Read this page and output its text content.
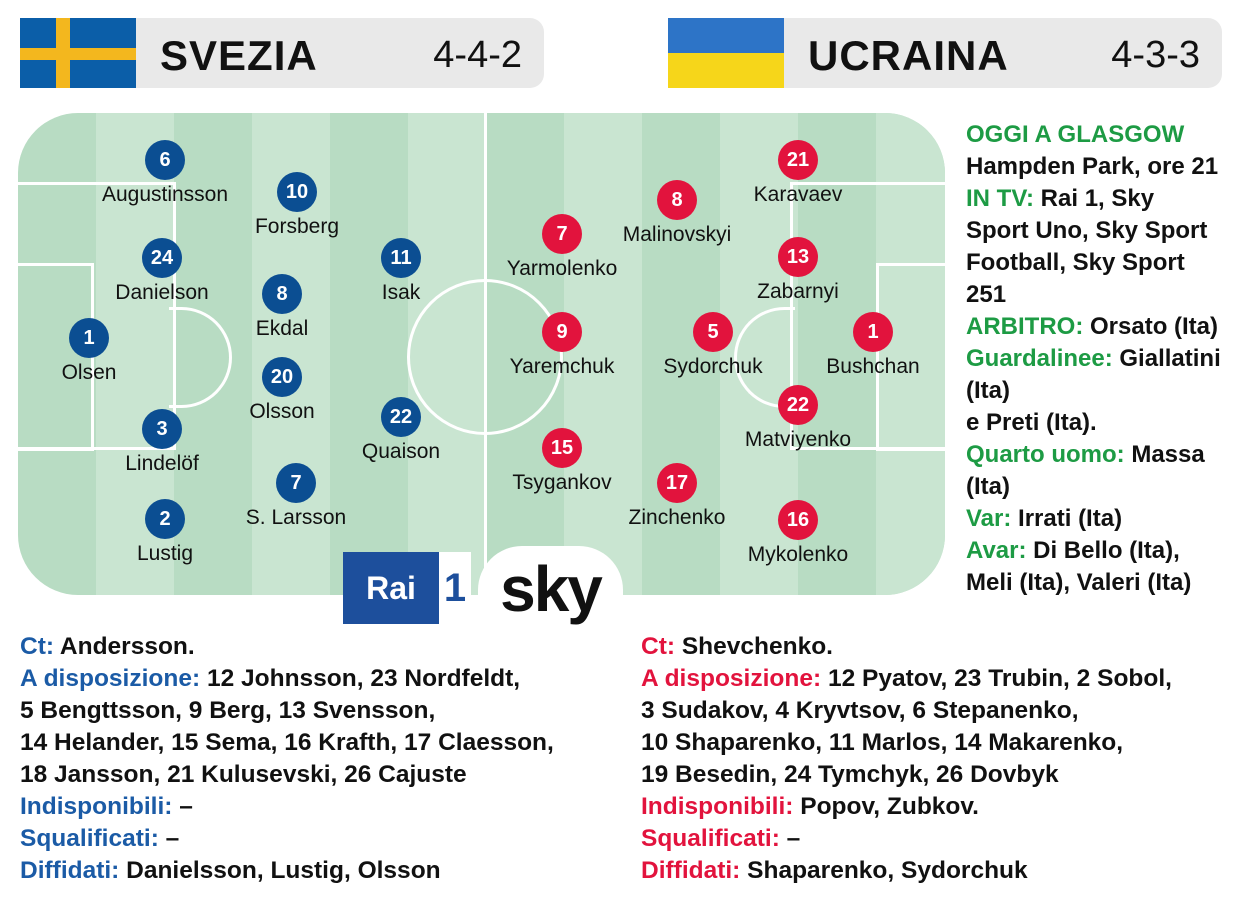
SVEZIA	4-4-2	UCRAINA	4-3-3
1
Olsen
6
Augustinsson
24
Danielson
3
Lindelöf
2
Lustig
10
Forsberg
8
Ekdal
20
Olsson
7
S. Larsson
11
Isak
22
Quaison
7
Yarmolenko
9
Yaremchuk
15
Tsygankov
8
Malinovskyi
5
Sydorchuk
17
Zinchenko
21
Karavaev
13
Zabarnyi
22
Matviyenko
16
Mykolenko
1
Bushchan
Rai 1 sky
OGGI A GLASGOW
Hampden Park, ore 21
IN TV: Rai 1, Sky
Sport Uno, Sky Sport
Football, Sky Sport
251
ARBITRO: Orsato (Ita)
Guardalinee: Giallatini
(Ita)
e Preti (Ita).
Quarto uomo: Massa
(Ita)
Var: Irrati (Ita)
Avar: Di Bello (Ita),
Meli (Ita), Valeri (Ita)
Ct: Andersson.
A disposizione: 12 Johnsson, 23 Nordfeldt,
5 Bengttsson, 9 Berg, 13 Svensson,
14 Helander, 15 Sema, 16 Krafth, 17 Claesson,
18 Jansson, 21 Kulusevski, 26 Cajuste
Indisponibili: –
Squalificati: –
Diffidati: Danielsson, Lustig, Olsson
Ct: Shevchenko.
A disposizione: 12 Pyatov, 23 Trubin, 2 Sobol,
3 Sudakov, 4 Kryvtsov, 6 Stepanenko,
10 Shaparenko, 11 Marlos, 14 Makarenko,
19 Besedin, 24 Tymchyk, 26 Dovbyk
Indisponibili: Popov, Zubkov.
Squalificati: –
Diffidati: Shaparenko, Sydorchuk
